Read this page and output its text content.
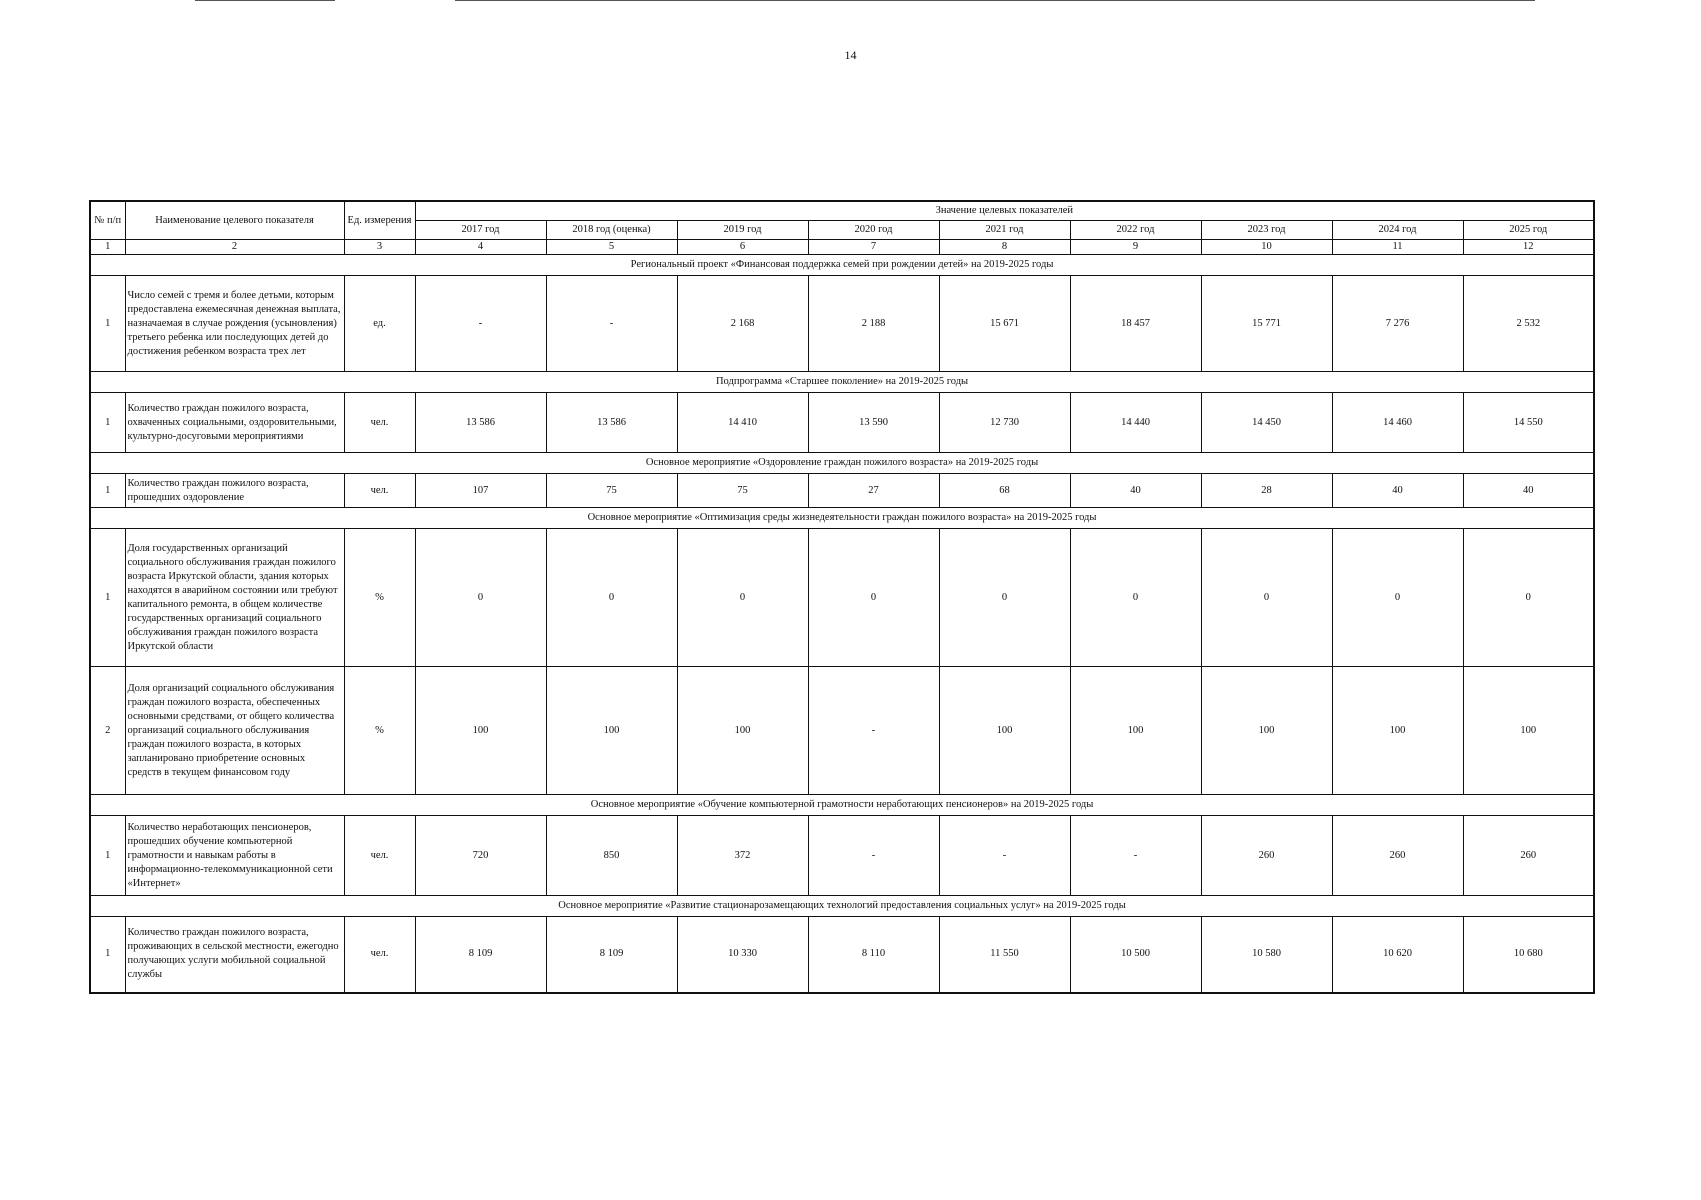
14
№ п/п	Наименование целевого показателя	Ед. измерения	Значение целевых показателей								
			2017 год	2018 год (оценка)	2019 год	2020 год	2021 год	2022 год	2023 год	2024 год	2025 год
1	2	3	4	5	6	7	8	9	10	11	12
Региональный проект «Финансовая поддержка семей при рождении детей» на 2019-2025 годы											
1	Число семей с тремя и более детьми, которым предоставлена ежемесячная денежная выплата, назначаемая в случае рождения (усыновления) третьего ребенка или последующих детей до достижения ребенком возраста трех лет	ед.	-	-	2 168	2 188	15 671	18 457	15 771	7 276	2 532
Подпрограмма «Старшее поколение» на 2019-2025 годы											
1	Количество граждан пожилого возраста, охваченных социальными, оздоровительными, культурно-досуговыми мероприятиями	чел.	13 586	13 586	14 410	13 590	12 730	14 440	14 450	14 460	14 550
Основное мероприятие «Оздоровление граждан пожилого возраста» на 2019-2025 годы											
1	Количество граждан пожилого возраста, прошедших оздоровление	чел.	107	75	75	27	68	40	28	40	40
Основное мероприятие «Оптимизация среды жизнедеятельности граждан пожилого возраста» на 2019-2025 годы											
1	Доля государственных организаций социального обслуживания граждан пожилого возраста Иркутской области, здания которых находятся в аварийном состоянии или требуют капитального ремонта, в общем количестве государственных организаций социального обслуживания граждан пожилого возраста Иркутской области	%	0	0	0	0	0	0	0	0	0
2	Доля организаций социального обслуживания граждан пожилого возраста, обеспеченных основными средствами, от общего количества организаций социального обслуживания граждан пожилого возраста, в которых запланировано приобретение основных средств в текущем финансовом году	%	100	100	100	-	100	100	100	100	100
Основное мероприятие «Обучение компьютерной грамотности неработающих пенсионеров» на 2019-2025 годы											
1	Количество неработающих пенсионеров, прошедших обучение компьютерной грамотности и навыкам работы в информационно-телекоммуникационной сети «Интернет»	чел.	720	850	372	-	-	-	260	260	260
Основное мероприятие «Развитие стационарозамещающих технологий предоставления социальных услуг» на 2019-2025 годы											
1	Количество граждан пожилого возраста, проживающих в сельской местности, ежегодно получающих услуги мобильной социальной службы	чел.	8 109	8 109	10 330	8 110	11 550	10 500	10 580	10 620	10 680
